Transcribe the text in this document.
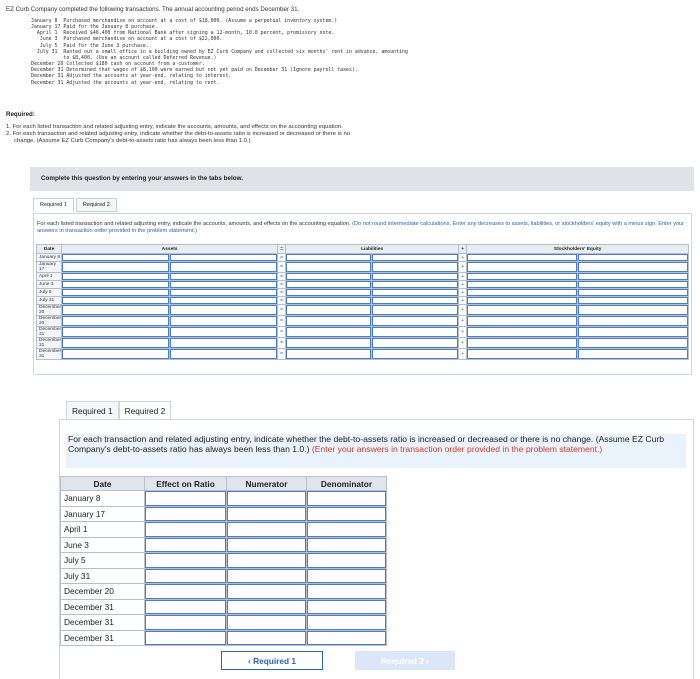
EZ Curb Company completed the following transactions. The annual accounting period ends December 31.
January 8  Purchased merchandise on account at a cost of $18,000. (Assume a perpetual inventory system.)
January 17 Paid for the January 8 purchase.
April 1  Received $46,400 from National Bank after signing a 12-month, 10.0 percent, promissory note.
June 3  Purchased merchandise on account at a cost of $22,000.
July 5  Paid for the June 3 purchase.
July 31  Rented out a small office in a building owned by EZ Curb Company and collected six months' rent in advance, amounting
to $8,400. (Use an account called Deferred Revenue.)
December 20 Collected $180 cash on account from a customer.
December 31 Determined that wages of $8,100 were earned but not yet paid on December 31 (Ignore payroll taxes).
December 31 Adjusted the accounts at year-end, relating to interest.
December 31 Adjusted the accounts at year-end, relating to rent.
Required:
1. For each listed transaction and related adjusting entry, indicate the accounts, amounts, and effects on the accounting equation.
2. For each transaction and related adjusting entry, indicate whether the debt-to-assets ratio is increased or decreased or there is no
change. (Assume EZ Curb Company's debt-to-assets ratio has always been less than 1.0.)
Complete this question by entering your answers in the tabs below.
Required 1	Required 2
For each listed transaction and related adjusting entry, indicate the accounts, amounts, and effects on the accounting equation. (Do not round intermediate calculations. Enter any decreases to assets, liabilities, or stockholders' equity with a minus sign. Enter your answers in transaction order provided in the problem statement.)
Date	Assets		=	Liabilities		+	Stockholders' Equity	
January 8			=			+	

January 17			=			+	

April 1			=			+	

June 3			=			+	

July 5			=			+	

July 31			=			+	

December 20			=			+	

December 20			=			+	

December 31			=			+	

December 31			=			+	

December 31			=			+	

Required 1	Required 2
For each transaction and related adjusting entry, indicate whether the debt-to-assets ratio is increased or decreased or there is no change. (Assume EZ Curb Company's debt-to-assets ratio has always been less than 1.0.) (Enter your answers in transaction order provided in the problem statement.)
Date	Effect on Ratio	Numerator	Denominator
January 8	

January 17	

April 1	

June 3	

July 5	

July 31	

December 20	

December 31	

December 31	

December 31	

‹ Required 1	Required 2 ›
